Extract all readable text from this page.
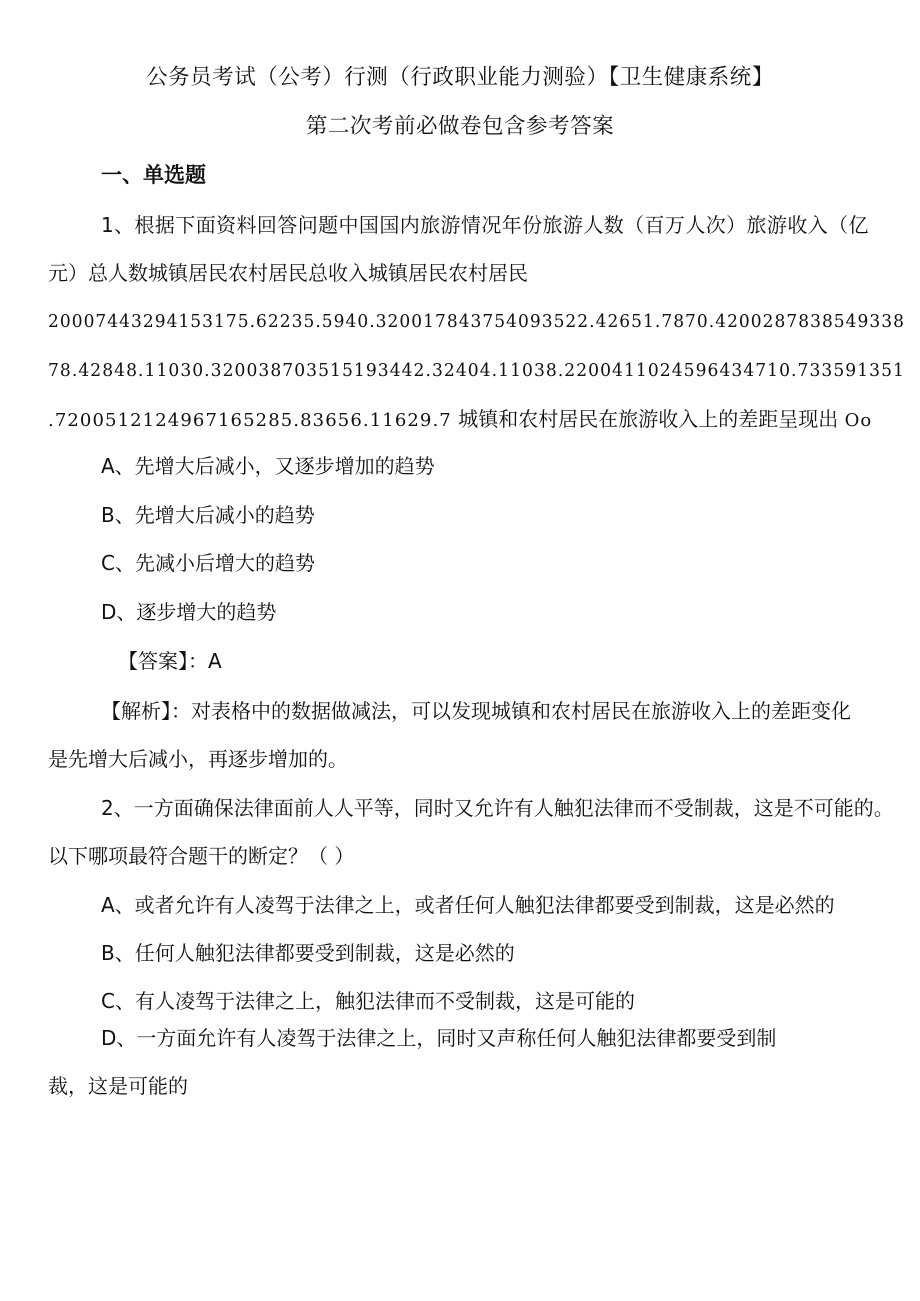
公务员考试（公考）行测（行政职业能力测验）【卫生健康系统】
第二次考前必做卷包含参考答案
一、单选题
1、根据下面资料回答问题中国国内旅游情况年份旅游人数（百万人次）旅游收入（亿
元）总人数城镇居民农村居民总收入城镇居民农村居民
20007443294153175.62235.5940.320017843754093522.42651.7870.4200287838549338
78.42848.11030.320038703515193442.32404.11038.2200411024596434710.733591351
.7200512124967165285.83656.11629.7 城镇和农村居民在旅游收入上的差距呈现出 Oo
A、先增大后减小，又逐步增加的趋势
B、先增大后减小的趋势
C、先减小后增大的趋势
D、逐步增大的趋势
【答案】：A
【解析】：对表格中的数据做减法，可以发现城镇和农村居民在旅游收入上的差距变化
是先增大后减小，再逐步增加的。
2、一方面确保法律面前人人平等，同时又允许有人触犯法律而不受制裁，这是不可能的。
以下哪项最符合题干的断定？（ ）
A、或者允许有人凌驾于法律之上，或者任何人触犯法律都要受到制裁，这是必然的
B、任何人触犯法律都要受到制裁，这是必然的
C、有人凌驾于法律之上，触犯法律而不受制裁，这是可能的
D、一方面允许有人凌驾于法律之上，同时又声称任何人触犯法律都要受到制
裁，这是可能的
